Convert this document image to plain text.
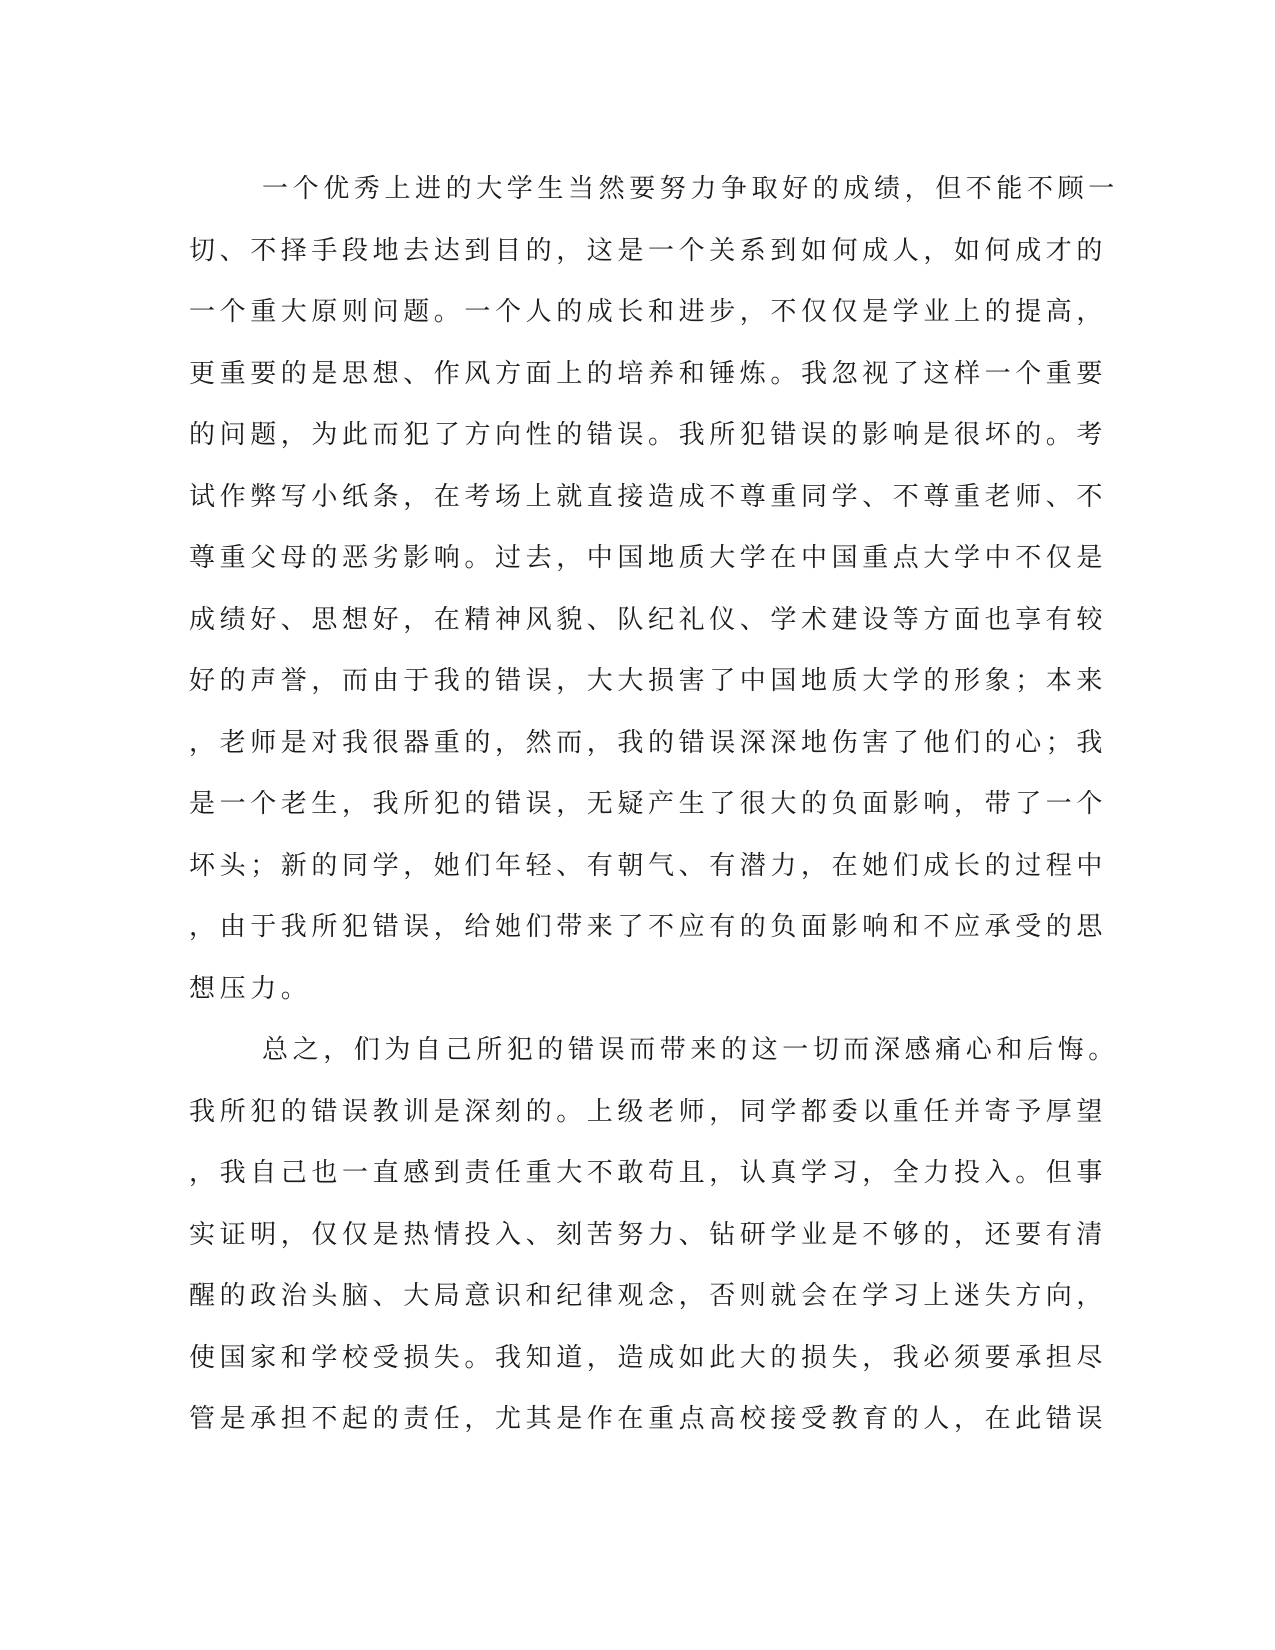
一个优秀上进的大学生当然要努力争取好的成绩，但不能不顾一
切、不择手段地去达到目的，这是一个关系到如何成人，如何成才的
一个重大原则问题。一个人的成长和进步，不仅仅是学业上的提高，
更重要的是思想、作风方面上的培养和锤炼。我忽视了这样一个重要
的问题，为此而犯了方向性的错误。我所犯错误的影响是很坏的。考
试作弊写小纸条，在考场上就直接造成不尊重同学、不尊重老师、不
尊重父母的恶劣影响。过去，中国地质大学在中国重点大学中不仅是
成绩好、思想好，在精神风貌、队纪礼仪、学术建设等方面也享有较
好的声誉，而由于我的错误，大大损害了中国地质大学的形象；本来
，老师是对我很器重的，然而，我的错误深深地伤害了他们的心；我
是一个老生，我所犯的错误，无疑产生了很大的负面影响，带了一个
坏头；新的同学，她们年轻、有朝气、有潜力，在她们成长的过程中
，由于我所犯错误，给她们带来了不应有的负面影响和不应承受的思
想压力。
总之，们为自己所犯的错误而带来的这一切而深感痛心和后悔。
我所犯的错误教训是深刻的。上级老师，同学都委以重任并寄予厚望
，我自己也一直感到责任重大不敢苟且，认真学习，全力投入。但事
实证明，仅仅是热情投入、刻苦努力、钻研学业是不够的，还要有清
醒的政治头脑、大局意识和纪律观念，否则就会在学习上迷失方向，
使国家和学校受损失。我知道，造成如此大的损失，我必须要承担尽
管是承担不起的责任，尤其是作在重点高校接受教育的人，在此错误
